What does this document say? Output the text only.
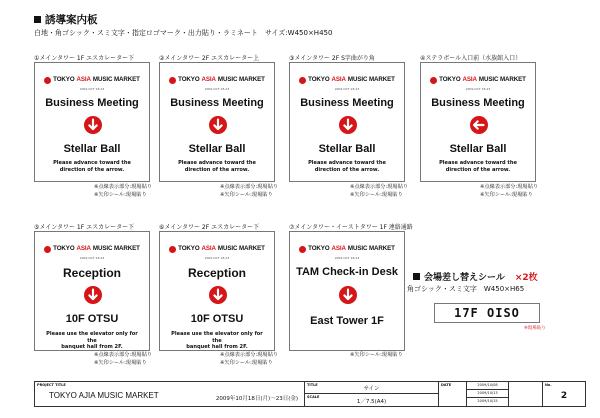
誘導案内板
白地・角ゴシック・スミ文字・指定ロゴマーク・出力貼り・ラミネート　サイズ:W450×H450
①メインタワー 1F エスカレーター下	②メインタワー 2F エスカレーター上	③メインタワー 2F S字曲がり角	④ステラボール入口前（水族館入口）
⑤メインタワー 1F エスカレーター下	⑥メインタワー 2F エスカレーター下	⑦メインタワー・イーストタワー 1F 連絡通路
TOKYO ASIA MUSIC MARKET
2009 OCT 18-23
Business Meeting
Stellar Ball
Please advance toward the
direction of the arrow.
TOKYO ASIA MUSIC MARKET
2009 OCT 18-23
Business Meeting
Stellar Ball
Please advance toward the
direction of the arrow.
TOKYO ASIA MUSIC MARKET
2009 OCT 18-23
Business Meeting
Stellar Ball
Please advance toward the
direction of the arrow.
TOKYO ASIA MUSIC MARKET
2009 OCT 18-23
Business Meeting
Stellar Ball
Please advance toward the
direction of the arrow.
※点線表示部分:現場貼り
※矢印シール:現場貼り
※点線表示部分:現場貼り
※矢印シール:現場貼り
※点線表示部分:現場貼り
※矢印シール:現場貼り
※点線表示部分:現場貼り
※矢印シール:現場貼り
TOKYO ASIA MUSIC MARKET
2009 OCT 18-23
Reception
10F OTSU
Please use the elevator only for the
banquet hall from 2F.
TOKYO ASIA MUSIC MARKET
2009 OCT 18-23
Reception
10F OTSU
Please use the elevator only for the
banquet hall from 2F.
TOKYO ASIA MUSIC MARKET
2009 OCT 18-23
TAM Check-in Desk
East Tower 1F
※点線表示部分:現場貼り
※矢印シール:現場貼り
※点線表示部分:現場貼り
※矢印シール:現場貼り
※矢印シール:現場貼り
会場差し替えシール ×2枚
角ゴシック・スミ文字　W450×H65
17F OISO
※現場貼り
PROJECT TITLE
TOKYO AJIA MUSIC MARKET	2009年10月18日(月)〜23日(金)
TITLE
サイン
SCALE
1／7.5(A4)
DATE	2009/10/08
2009/10/13
2009/10/15
No.
2
